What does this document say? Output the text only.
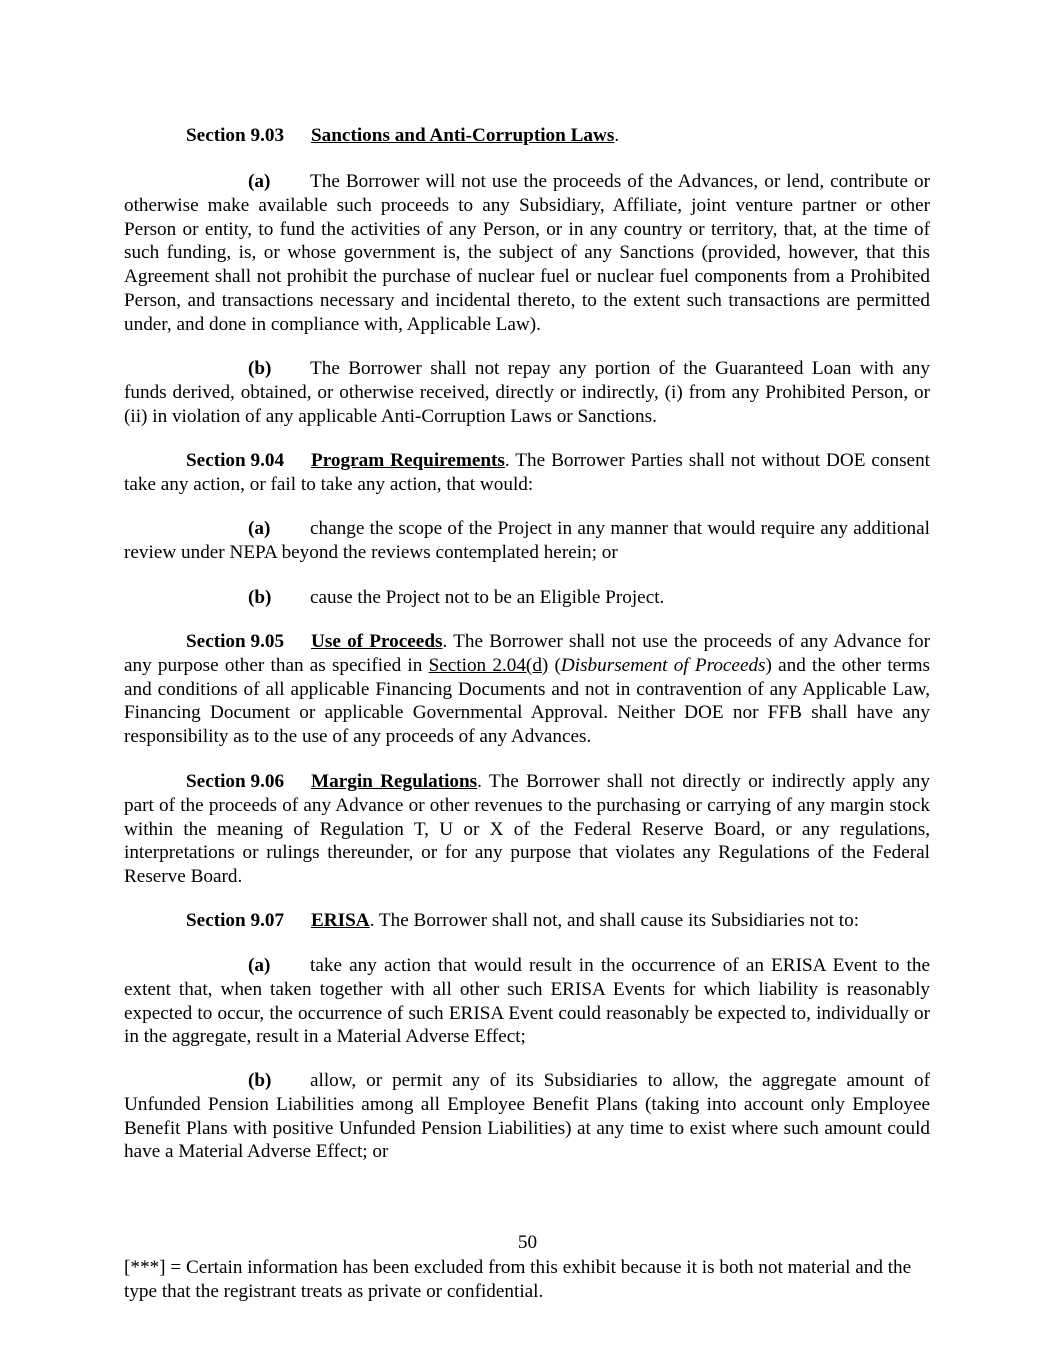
Section 9.03 Sanctions and Anti-Corruption Laws.
(a) The Borrower will not use the proceeds of the Advances, or lend, contribute or otherwise make available such proceeds to any Subsidiary, Affiliate, joint venture partner or other Person or entity, to fund the activities of any Person, or in any country or territory, that, at the time of such funding, is, or whose government is, the subject of any Sanctions (provided, however, that this Agreement shall not prohibit the purchase of nuclear fuel or nuclear fuel components from a Prohibited Person, and transactions necessary and incidental thereto, to the extent such transactions are permitted under, and done in compliance with, Applicable Law).
(b) The Borrower shall not repay any portion of the Guaranteed Loan with any funds derived, obtained, or otherwise received, directly or indirectly, (i) from any Prohibited Person, or (ii) in violation of any applicable Anti-Corruption Laws or Sanctions.
Section 9.04 Program Requirements. The Borrower Parties shall not without DOE consent take any action, or fail to take any action, that would:
(a) change the scope of the Project in any manner that would require any additional review under NEPA beyond the reviews contemplated herein; or
(b) cause the Project not to be an Eligible Project.
Section 9.05 Use of Proceeds. The Borrower shall not use the proceeds of any Advance for any purpose other than as specified in Section 2.04(d) (Disbursement of Proceeds) and the other terms and conditions of all applicable Financing Documents and not in contravention of any Applicable Law, Financing Document or applicable Governmental Approval. Neither DOE nor FFB shall have any responsibility as to the use of any proceeds of any Advances.
Section 9.06 Margin Regulations. The Borrower shall not directly or indirectly apply any part of the proceeds of any Advance or other revenues to the purchasing or carrying of any margin stock within the meaning of Regulation T, U or X of the Federal Reserve Board, or any regulations, interpretations or rulings thereunder, or for any purpose that violates any Regulations of the Federal Reserve Board.
Section 9.07 ERISA. The Borrower shall not, and shall cause its Subsidiaries not to:
(a) take any action that would result in the occurrence of an ERISA Event to the extent that, when taken together with all other such ERISA Events for which liability is reasonably expected to occur, the occurrence of such ERISA Event could reasonably be expected to, individually or in the aggregate, result in a Material Adverse Effect;
(b) allow, or permit any of its Subsidiaries to allow, the aggregate amount of Unfunded Pension Liabilities among all Employee Benefit Plans (taking into account only Employee Benefit Plans with positive Unfunded Pension Liabilities) at any time to exist where such amount could have a Material Adverse Effect; or
50
[***] = Certain information has been excluded from this exhibit because it is both not material and the type that the registrant treats as private or confidential.
